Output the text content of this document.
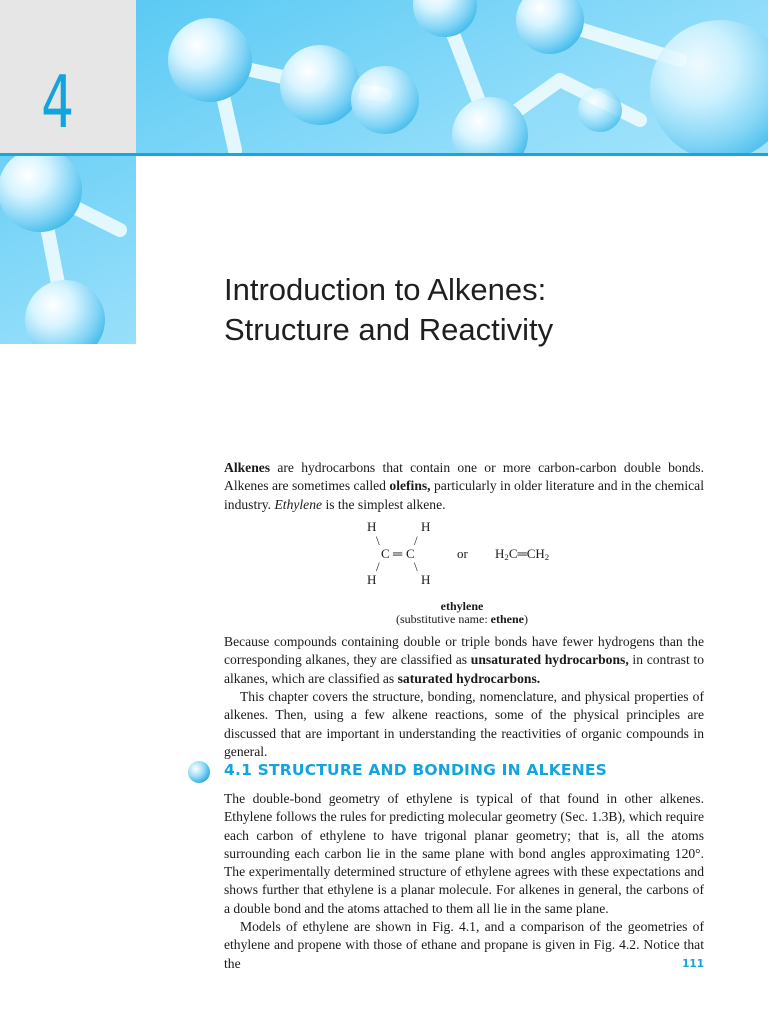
4
Introduction to Alkenes:
Structure and Reactivity

Alkenes are hydrocarbons that contain one or more carbon-carbon double bonds. Alkenes are sometimes called olefins, particularly in older literature and in the chemical industry. Ethylene is the simplest alkene.

H	H
\	/
C ═ C
/	\
H	H
or $H_2C═CH_2$
ethylene
(substitutive name: ethene)

Because compounds containing double or triple bonds have fewer hydrogens than the corresponding alkanes, they are classified as unsaturated hydrocarbons, in contrast to alkanes, which are classified as saturated hydrocarbons.

This chapter covers the structure, bonding, nomenclature, and physical properties of alkenes. Then, using a few alkene reactions, some of the physical principles are discussed that are important in understanding the reactivities of organic compounds in general.

4.1 STRUCTURE AND BONDING IN ALKENES

The double-bond geometry of ethylene is typical of that found in other alkenes. Ethylene follows the rules for predicting molecular geometry (Sec. 1.3B), which require each carbon of ethylene to have trigonal planar geometry; that is, all the atoms surrounding each carbon lie in the same plane with bond angles approximating 120°. The experimentally determined structure of ethylene agrees with these expectations and shows further that ethylene is a planar molecule. For alkenes in general, the carbons of a double bond and the atoms attached to them all lie in the same plane.

Models of ethylene are shown in Fig. 4.1, and a comparison of the geometries of ethylene and propene with those of ethane and propane is given in Fig. 4.2. Notice that the	111
